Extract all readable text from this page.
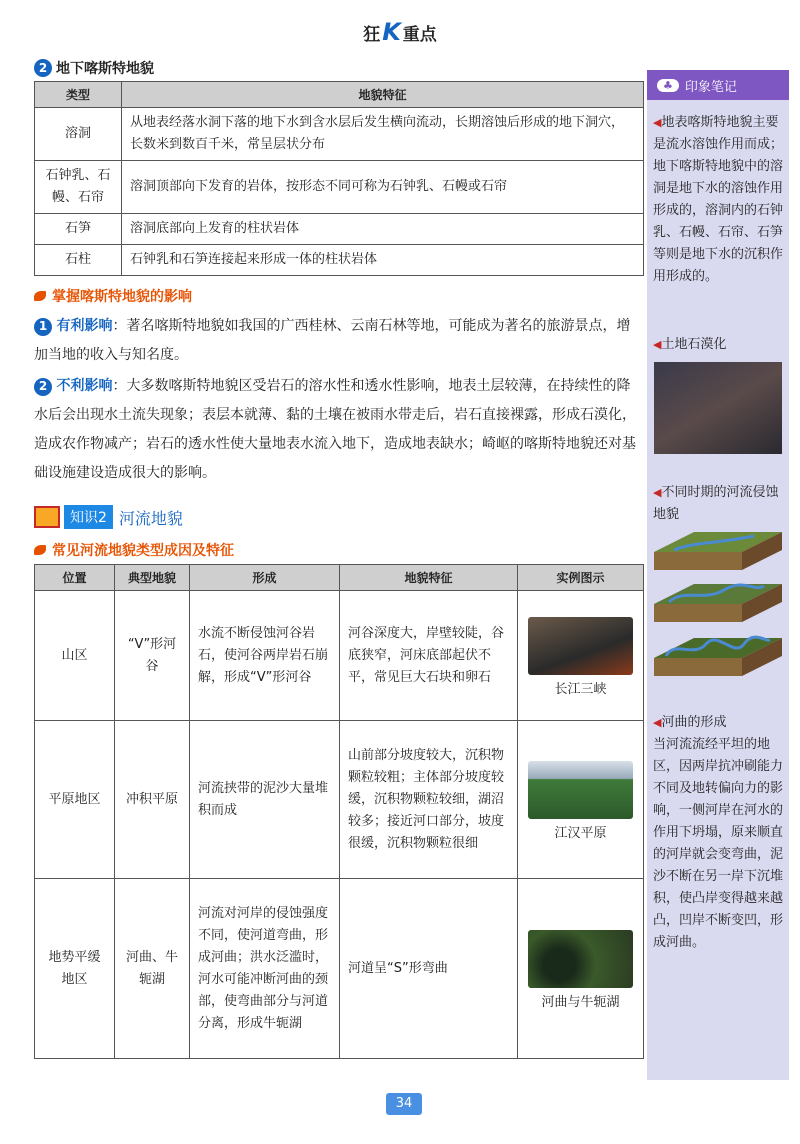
狂K 重点
2 地下喀斯特地貌
类型	地貌特征
溶洞	从地表经落水洞下落的地下水到含水层后发生横向流动，长期溶蚀后形成的地下洞穴，长数米到数百千米，常呈层状分布
石钟乳、石幔、石帘	溶洞顶部向下发育的岩体，按形态不同可称为石钟乳、石幔或石帘
石笋	溶洞底部向上发育的柱状岩体
石柱	石钟乳和石笋连接起来形成一体的柱状岩体
掌握喀斯特地貌的影响

1 有利影响：著名喀斯特地貌如我国的广西桂林、云南石林等地，可能成为著名的旅游景点，增加当地的收入与知名度。

2 不利影响：大多数喀斯特地貌区受岩石的溶水性和透水性影响，地表土层较薄，在持续性的降水后会出现水土流失现象；表层本就薄、黏的土壤在被雨水带走后，岩石直接裸露，形成石漠化，造成农作物减产；岩石的透水性使大量地表水流入地下，造成地表缺水；崎岖的喀斯特地貌还对基础设施建设造成很大的影响。

知识2 河流地貌
常见河流地貌类型成因及特征
位置	典型地貌	形成	地貌特征	实例图示
山区	“V”形河谷	水流不断侵蚀河谷岩石，使河谷两岸岩石崩解，形成“V”形河谷	河谷深度大，岸壁较陡，谷底狭窄，河床底部起伏不平，常见巨大石块和卵石	长江三峡
平原地区	冲积平原	河流挟带的泥沙大量堆积而成	山前部分坡度较大，沉积物颗粒较粗；主体部分坡度较缓，沉积物颗粒较细，湖沼较多；接近河口部分，坡度很缓，沉积物颗粒很细	江汉平原
地势平缓地区	河曲、牛轭湖	河流对河岸的侵蚀强度不同，使河道弯曲，形成河曲；洪水泛滥时，河水可能冲断河曲的颈部，使弯曲部分与河道分离，形成牛轭湖	河道呈“S”形弯曲	河曲与牛轭湖
♣ 印象笔记

◀地表喀斯特地貌主要是流水溶蚀作用而成；地下喀斯特地貌中的溶洞是地下水的溶蚀作用形成的，溶洞内的石钟乳、石幔、石帘、石笋等则是地下水的沉积作用形成的。

◀土地石漠化

◀不同时期的河流侵蚀地貌

◀河曲的形成
当河流流经平坦的地区，因两岸抗冲刷能力不同及地转偏向力的影响，一侧河岸在河水的作用下坍塌，原来顺直的河岸就会变弯曲，泥沙不断在另一岸下沉堆积，使凸岸变得越来越凸，凹岸不断变凹，形成河曲。

34
